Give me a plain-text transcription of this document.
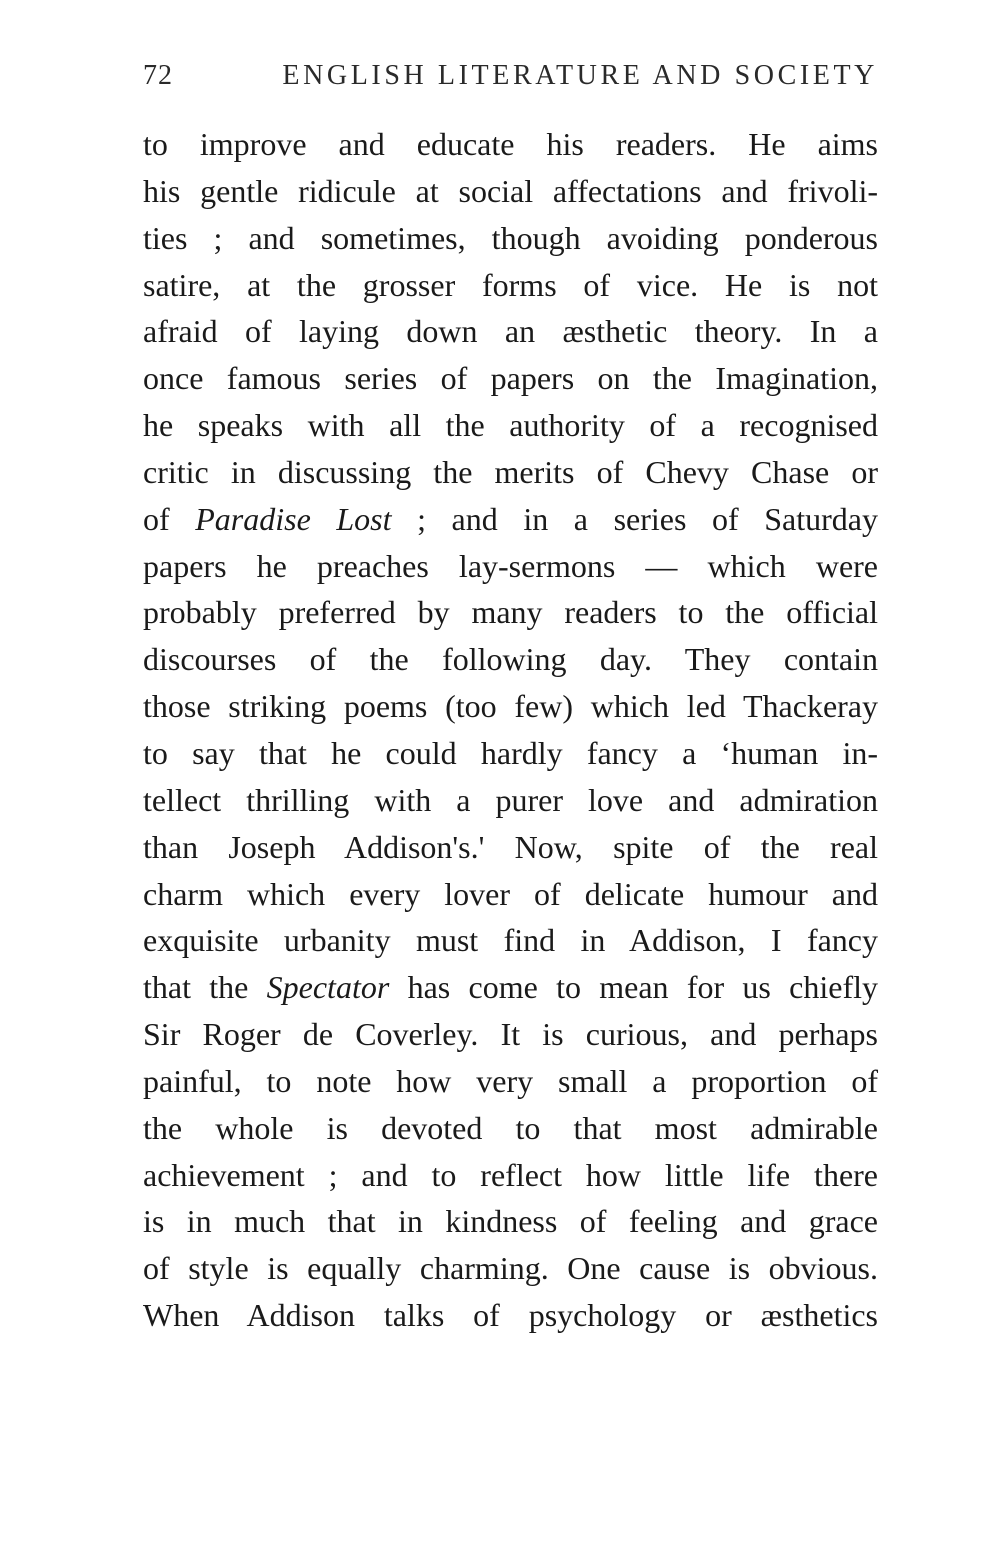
72	ENGLISH LITERATURE AND SOCIETY
to improve and educate his readers. He aims
his gentle ridicule at social affectations and frivoli-
ties ; and sometimes, though avoiding ponderous
satire, at the grosser forms of vice. He is not
afraid of laying down an æsthetic theory. In a
once famous series of papers on the Imagination,
he speaks with all the authority of a recognised
critic in discussing the merits of Chevy Chase or
of Paradise Lost ; and in a series of Saturday
papers he preaches lay-sermons — which were
probably preferred by many readers to the official
discourses of the following day. They contain
those striking poems (too few) which led Thackeray
to say that he could hardly fancy a ‘human in-
tellect thrilling with a purer love and admiration
than Joseph Addison's.' Now, spite of the real
charm which every lover of delicate humour and
exquisite urbanity must find in Addison, I fancy
that the Spectator has come to mean for us chiefly
Sir Roger de Coverley. It is curious, and perhaps
painful, to note how very small a proportion of
the whole is devoted to that most admirable
achievement ; and to reflect how little life there
is in much that in kindness of feeling and grace
of style is equally charming. One cause is obvious.
When Addison talks of psychology or æsthetics
